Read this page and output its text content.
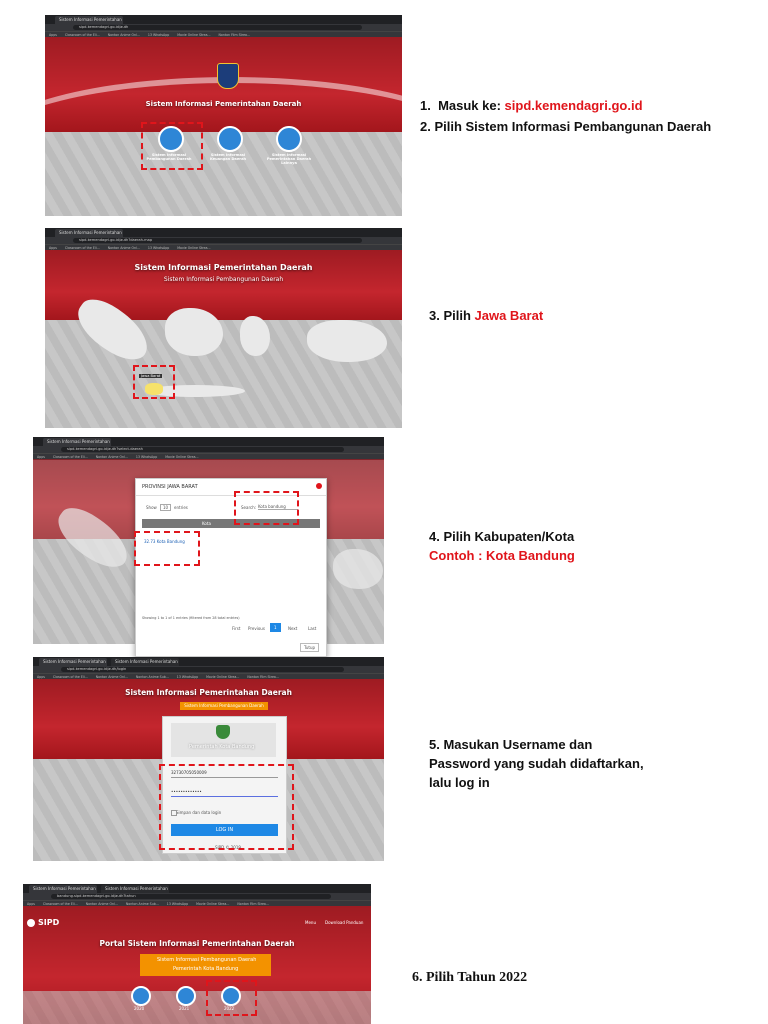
Sistem Informasi Pemerintahan
sipd.kemendagri.go.id/auth
Apps	Classroom of the Eli...	Nonton Anime Onl...	13 WhatsApp	Movie Online Strea...	Nonton Film Strea...
Sistem Informasi Pemerintahan Daerah
Sistem Informasi Pembangunan Daerah
Sistem Informasi Keuangan Daerah
Sistem Informasi Pemerintahan Daerah Lainnya
Sistem Informasi Pemerintahan
sipd.kemendagri.go.id/auth?daerah-map
Apps	Classroom of the Eli...	Nonton Anime Onl...	13 WhatsApp	Movie Online Strea...
Sistem Informasi Pemerintahan Daerah
Sistem Informasi Pembangunan Daerah
Jawa Barat
Sistem Informasi Pemerintahan
sipd.kemendagri.go.id/auth?select-daerah
Apps	Classroom of the Eli...	Nonton Anime Onl...	13 WhatsApp	Movie Online Strea...
PROVINSI JAWA BARAT
Show	10	entries	Search: Kota bandung
Kota
32.73 Kota Bandung
Showing 1 to 1 of 1 entries (filtered from 28 total entries)
First Previous	1	Next	Last
Tutup
Sistem Informasi Pemerintahan	Sistem Informasi Pemerintahan
sipd.kemendagri.go.id/auth/login
Apps	Classroom of the Eli...	Nonton Anime Onl...	Nonton Anime Sub...	13 WhatsApp	Movie Online Strea...	Nonton Film Strea...
Sistem Informasi Pemerintahan Daerah
Sistem Informasi Pembangunan Daerah
Pemerintah Kota Bandung
32730705050009
•••••••••••••
Simpan dan data login
LOG IN
SIPD © 2019
Sistem Informasi Pemerintahan	Sistem Informasi Pemerintahan
bandung.sipd.kemendagri.go.id/auth?tahun
Apps	Classroom of the Eli...	Nonton Anime Onl...	Nonton Anime Sub...	13 WhatsApp	Movie Online Strea...	Nonton Film Strea...
SIPD	Menu Download Panduan
Portal Sistem Informasi Pemerintahan Daerah
Sistem Informasi Pembangunan Daerah
Pemerintah Kota Bandung
2020	2021	2022
1.  Masuk ke: sipd.kemendagri.go.id
2. Pilih Sistem Informasi Pembangunan Daerah
3. Pilih Jawa Barat
4. Pilih Kabupaten/Kota
Contoh : Kota Bandung
5. Masukan Username dan
Password yang sudah didaftarkan,
lalu log in
6. Pilih Tahun 2022
